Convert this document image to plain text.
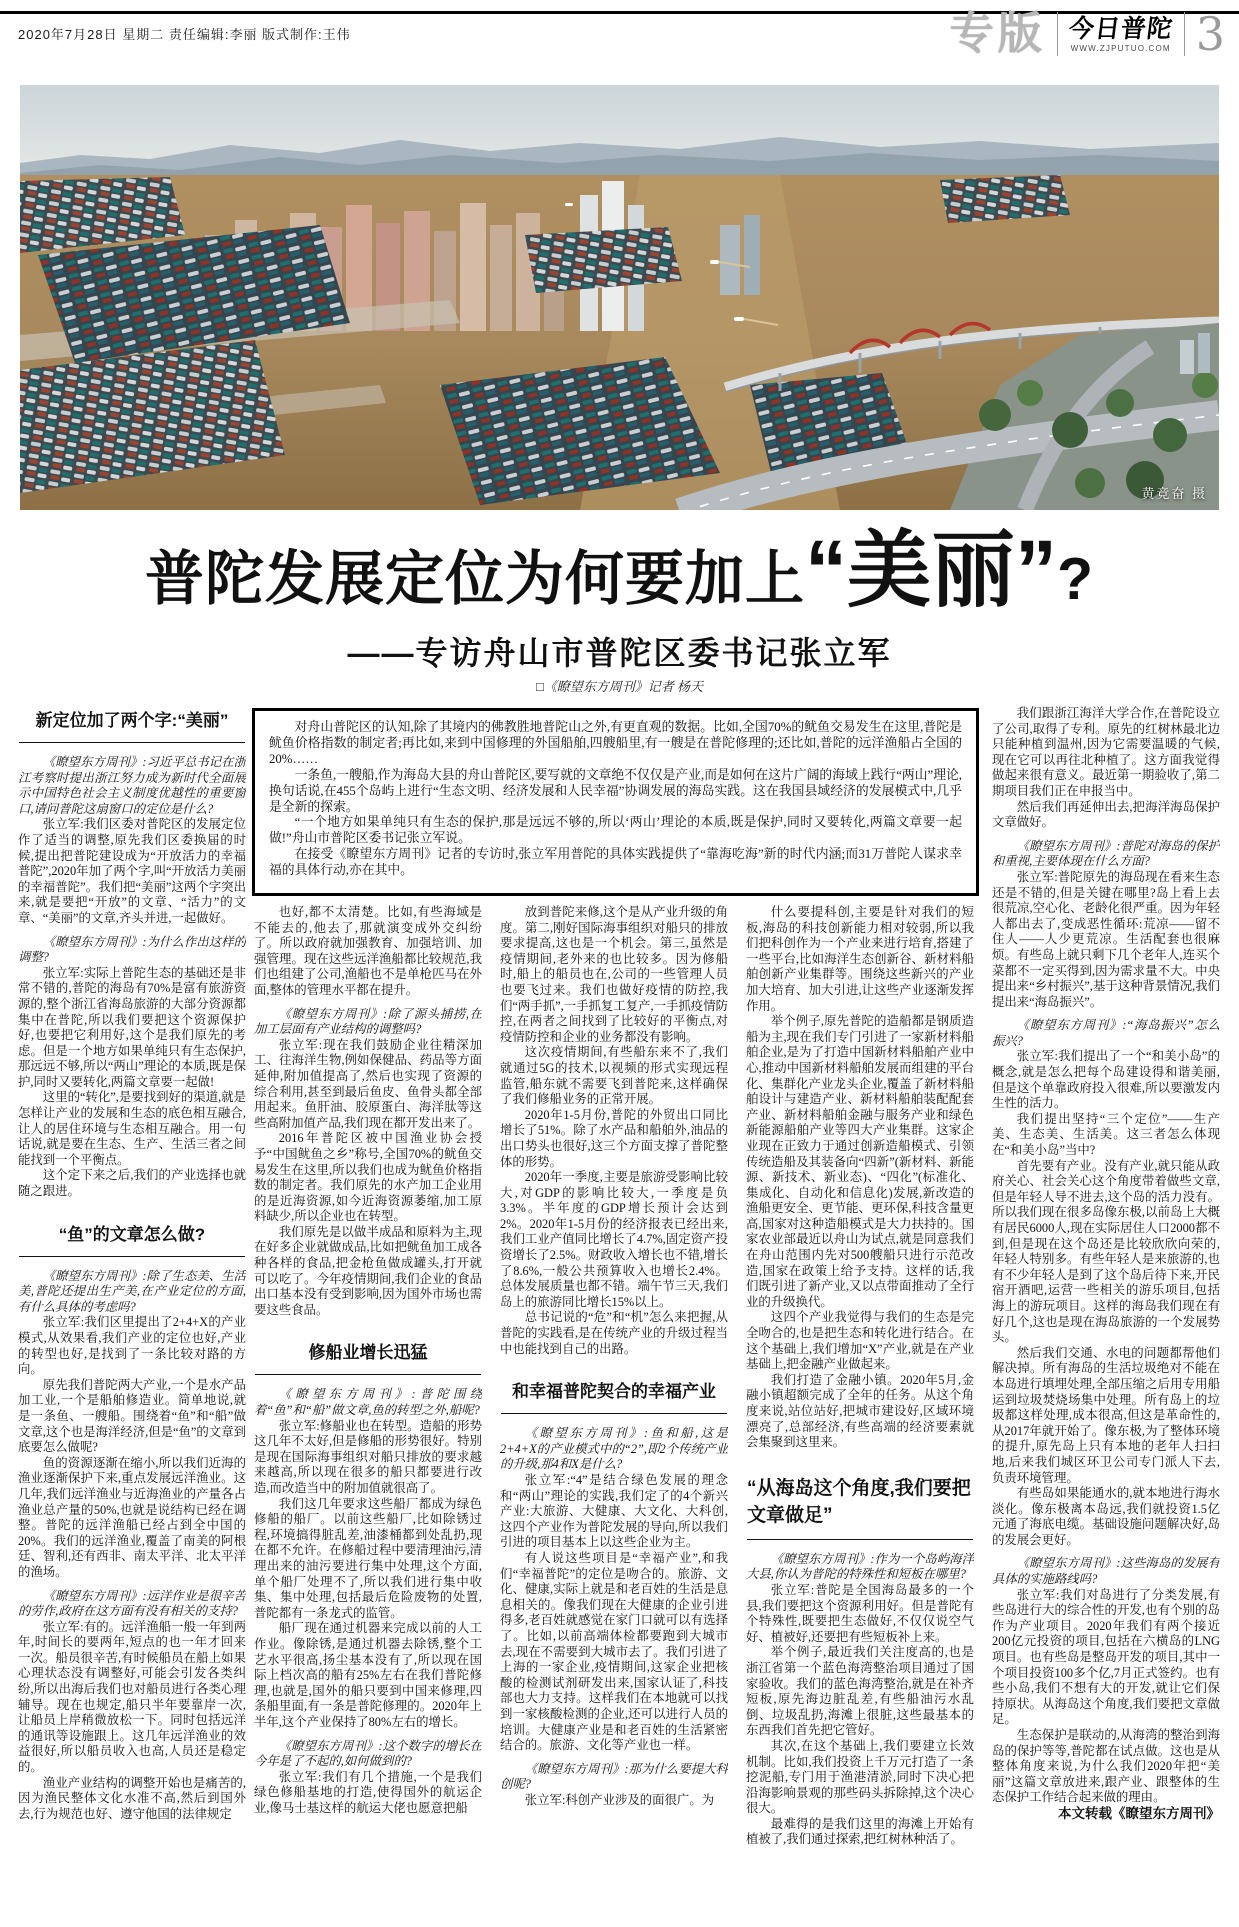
2020年7月28日 星期二 责任编辑:李丽 版式制作:王伟	专版 今日普陀
WWW.ZJPUTUO.COM 3
黄竞奋 摄
普陀发展定位为何要加上“美丽”?
——专访舟山市普陀区委书记张立军
□《瞭望东方周刊》记者 杨天

对舟山普陀区的认知,除了其境内的佛教胜地普陀山之外,有更直观的数据。比如,全国70%的鱿鱼交易发生在这里,普陀是鱿鱼价格指数的制定者;再比如,来到中国修理的外国船舶,四艘船里,有一艘是在普陀修理的;还比如,普陀的远洋渔船占全国的20%……

一条鱼,一艘船,作为海岛大县的舟山普陀区,要写就的文章绝不仅仅是产业,而是如何在这片广阔的海域上践行“两山”理论,换句话说,在455个岛屿上进行“生态文明、经济发展和人民幸福”协调发展的海岛实践。这在我国县域经济的发展模式中,几乎是全新的探索。

“一个地方如果单纯只有生态的保护,那是远远不够的,所以‘两山’理论的本质,既是保护,同时又要转化,两篇文章要一起做!”舟山市普陀区委书记张立军说。

在接受《瞭望东方周刊》记者的专访时,张立军用普陀的具体实践提供了“靠海吃海”新的时代内涵;而31万普陀人谋求幸福的具体行动,亦在其中。

新定位加了两个字:“美丽”

《瞭望东方周刊》:习近平总书记在浙江考察时提出浙江努力成为新时代全面展示中国特色社会主义制度优越性的重要窗口,请问普陀这扇窗口的定位是什么?

张立军:我们区委对普陀区的发展定位作了适当的调整,原先我们区委换届的时候,提出把普陀建设成为“开放活力的幸福普陀”,2020年加了两个字,叫“开放活力美丽的幸福普陀”。我们把“美丽”这两个字突出来,就是要把“开放”的文章、“活力”的文章、“美丽”的文章,齐头并进,一起做好。

《瞭望东方周刊》:为什么作出这样的调整?

张立军:实际上普陀生态的基础还是非常不错的,普陀的海岛有70%是富有旅游资源的,整个浙江省海岛旅游的大部分资源都集中在普陀,所以我们要把这个资源保护好,也要把它利用好,这个是我们原先的考虑。但是一个地方如果单纯只有生态保护,那远远不够,所以“两山”理论的本质,既是保护,同时又要转化,两篇文章要一起做!

这里的“转化”,是要找到好的渠道,就是怎样让产业的发展和生态的底色相互融合,让人的居住环境与生态相互融合。用一句话说,就是要在生态、生产、生活三者之间能找到一个平衡点。

这个定下来之后,我们的产业选择也就随之跟进。

“鱼”的文章怎么做?

《瞭望东方周刊》:除了生态美、生活美,普陀还提出生产美,在产业定位的方面,有什么具体的考虑吗?

张立军:我们区里提出了2+4+X的产业模式,从效果看,我们产业的定位也好,产业的转型也好,是找到了一条比较对路的方向。

原先我们普陀两大产业,一个是水产品加工业,一个是船舶修造业。简单地说,就是一条鱼、一艘船。围绕着“鱼”和“船”做文章,这个也是海洋经济,但是“鱼”的文章到底要怎么做呢?

鱼的资源逐渐在缩小,所以我们近海的渔业逐渐保护下来,重点发展远洋渔业。这几年,我们远洋渔业与近海渔业的产量各占渔业总产量的50%,也就是说结构已经在调整。普陀的远洋渔船已经占到全中国的20%。我们的远洋渔业,覆盖了南美的阿根廷、智利,还有西非、南太平洋、北太平洋的渔场。

《瞭望东方周刊》:远洋作业是很辛苦的劳作,政府在这方面有没有相关的支持?

张立军:有的。远洋渔船一般一年到两年,时间长的要两年,短点的也一年才回来一次。船员很辛苦,有时候船员在船上如果心理状态没有调整好,可能会引发各类纠纷,所以出海后我们也对船员进行各类心理辅导。现在也规定,船只半年要靠岸一次,让船员上岸稍微放松一下。同时包括远洋的通讯等设施跟上。这几年远洋渔业的效益很好,所以船员收入也高,人员还是稳定的。

渔业产业结构的调整开始也是痛苦的,因为渔民整体文化水准不高,然后到国外去,行为规范也好、遵守他国的法律规定

也好,都不太清楚。比如,有些海域是不能去的,他去了,那就演变成外交纠纷了。所以政府就加强教育、加强培训、加强管理。现在这些远洋渔船都比较规范,我们也组建了公司,渔船也不是单枪匹马在外面,整体的管理水平都在提升。

《瞭望东方周刊》:除了源头捕捞,在加工层面有产业结构的调整吗?

张立军:现在我们鼓励企业往精深加工、往海洋生物,例如保健品、药品等方面延伸,附加值提高了,然后也实现了资源的综合利用,甚至到最后鱼皮、鱼骨头都全部用起来。鱼肝油、胶原蛋白、海洋肽等这些高附加值产品,我们现在都开发出来了。

2016年普陀区被中国渔业协会授予“中国鱿鱼之乡”称号,全国70%的鱿鱼交易发生在这里,所以我们也成为鱿鱼价格指数的制定者。我们原先的水产加工企业用的是近海资源,如今近海资源萎缩,加工原料缺少,所以企业也在转型。

我们原先是以做半成品和原料为主,现在好多企业就做成品,比如把鱿鱼加工成各种各样的食品,把金枪鱼做成罐头,打开就可以吃了。今年疫情期间,我们企业的食品出口基本没有受到影响,因为国外市场也需要这些食品。

修船业增长迅猛

《瞭望东方周刊》:普陀围绕着“鱼”和“船”做文章,鱼的转型之外,船呢?

张立军:修船业也在转型。造船的形势这几年不太好,但是修船的形势很好。特别是现在国际海事组织对船只排放的要求越来越高,所以现在很多的船只都要进行改造,而改造当中的附加值就很高了。

我们这几年要求这些船厂都成为绿色修船的船厂。以前这些船厂,比如除锈过程,环境搞得脏乱差,油漆桶都到处乱扔,现在都不允许。在修船过程中要清理油污,清理出来的油污要进行集中处理,这个方面,单个船厂处理不了,所以我们进行集中收集、集中处理,包括最后危险废物的处置,普陀都有一条龙式的监管。

船厂现在通过机器来完成以前的人工作业。像除锈,是通过机器去除锈,整个工艺水平很高,扬尘基本没有了,所以现在国际上档次高的船有25%左右在我们普陀修理,也就是,国外的船只要到中国来修理,四条船里面,有一条是普陀修理的。2020年上半年,这个产业保持了80%左右的增长。

《瞭望东方周刊》:这个数字的增长在今年是了不起的,如何做到的?

张立军:我们有几个措施,一个是我们绿色修船基地的打造,使得国外的航运企业,像马士基这样的航运大佬也愿意把船

放到普陀来修,这个是从产业升级的角度。第二,刚好国际海事组织对船只的排放要求提高,这也是一个机会。第三,虽然是疫情期间,老外来的也比较多。因为修船时,船上的船员也在,公司的一些管理人员也要飞过来。我们也做好疫情的防控,我们“两手抓”,一手抓复工复产,一手抓疫情防控,在两者之间找到了比较好的平衡点,对疫情防控和企业的业务都没有影响。

这次疫情期间,有些船东来不了,我们就通过5G的技术,以视频的形式实现远程监管,船东就不需要飞到普陀来,这样确保了我们修船业务的正常开展。

2020年1-5月份,普陀的外贸出口同比增长了51%。除了水产品和船舶外,油品的出口势头也很好,这三个方面支撑了普陀整体的形势。

2020年一季度,主要是旅游受影响比较大,对GDP的影响比较大,一季度是负3.3%。半年度的GDP增长预计会达到2%。2020年1-5月份的经济报表已经出来,我们工业产值同比增长了4.7%,固定资产投资增长了2.5%。财政收入增长也不错,增长了8.6%,一般公共预算收入也增长2.4%。总体发展质量也都不错。端午节三天,我们岛上的旅游同比增长15%以上。

总书记说的“危”和“机”怎么来把握,从普陀的实践看,是在传统产业的升级过程当中也能找到自己的出路。

和幸福普陀契合的幸福产业

《瞭望东方周刊》:鱼和船,这是2+4+X的产业模式中的“2”,即2个传统产业的升级,那4和X是什么?

张立军:“4”是结合绿色发展的理念和“两山”理论的实践,我们定了的4个新兴产业:大旅游、大健康、大文化、大科创,这四个产业作为普陀发展的导向,所以我们引进的项目基本上以这些企业为主。

有人说这些项目是“幸福产业”,和我们“幸福普陀”的定位是吻合的。旅游、文化、健康,实际上就是和老百姓的生活是息息相关的。像我们现在大健康的企业引进得多,老百姓就感觉在家门口就可以有选择了。比如,以前高端体检都要跑到大城市去,现在不需要到大城市去了。我们引进了上海的一家企业,疫情期间,这家企业把核酸的检测试剂研发出来,国家认证了,科技部也大力支持。这样我们在本地就可以找到一家核酸检测的企业,还可以进行人员的培训。大健康产业是和老百姓的生活紧密结合的。旅游、文化等产业也一样。

《瞭望东方周刊》:那为什么要提大科创呢?

张立军:科创产业涉及的面很广。为

什么要提科创,主要是针对我们的短板,海岛的科技创新能力相对较弱,所以我们把科创作为一个产业来进行培育,搭建了一些平台,比如海洋生态创新谷、新材料船舶创新产业集群等。围绕这些新兴的产业加大培育、加大引进,让这些产业逐渐发挥作用。

举个例子,原先普陀的造船都是钢质造船为主,现在我们专门引进了一家新材料船舶企业,是为了打造中国新材料船舶产业中心,推动中国新材料船舶发展而组建的平台化、集群化产业龙头企业,覆盖了新材料船舶设计与建造产业、新材料船舶装配配套产业、新材料船舶金融与服务产业和绿色新能源船舶产业等四大产业集群。这家企业现在正致力于通过创新造船模式、引领传统造船及其装备向“四新”(新材料、新能源、新技术、新业态)、“四化”(标准化、集成化、自动化和信息化)发展,新改造的渔船更安全、更节能、更环保,科技含量更高,国家对这种造船模式是大力扶持的。国家农业部最近以舟山为试点,就是同意我们在舟山范围内先对500艘船只进行示范改造,国家在政策上给予支持。这样的话,我们既引进了新产业,又以点带面推动了全行业的升级换代。

这四个产业我觉得与我们的生态是完全吻合的,也是把生态和转化进行结合。在这个基础上,我们增加“X”产业,就是在产业基础上,把金融产业做起来。

我们打造了金融小镇。2020年5月,金融小镇超额完成了全年的任务。从这个角度来说,站位站好,把城市建设好,区域环境漂亮了,总部经济,有些高端的经济要素就会集聚到这里来。

“从海岛这个角度,我们要把文章做足”

《瞭望东方周刊》:作为一个岛屿海洋大县,你认为普陀的特殊性和短板在哪里?

张立军:普陀是全国海岛最多的一个县,我们要把这个资源利用好。但是普陀有个特殊性,既要把生态做好,不仅仅说空气好、植被好,还要把有些短板补上来。

举个例子,最近我们关注度高的,也是浙江省第一个蓝色海湾整治项目通过了国家验收。我们的蓝色海湾整治,就是在补齐短板,原先海边脏乱差,有些船油污水乱倒、垃圾乱扔,海滩上很脏,这些最基本的东西我们首先把它管好。

其次,在这个基础上,我们要建立长效机制。比如,我们投资上千万元打造了一条挖泥船,专门用于渔港清淤,同时下决心把沿海影响景观的那些码头拆除掉,这个决心很大。

最难得的是我们这里的海滩上开始有植被了,我们通过探索,把红树林种活了。

我们跟浙江海洋大学合作,在普陀设立了公司,取得了专利。原先的红树林最北边只能种植到温州,因为它需要温暖的气候,现在它可以再往北种植了。这方面我觉得做起来很有意义。最近第一期验收了,第二期项目我们正在申报当中。

然后我们再延伸出去,把海洋海岛保护文章做好。

《瞭望东方周刊》:普陀对海岛的保护和重视,主要体现在什么方面?

张立军:普陀原先的海岛现在看来生态还是不错的,但是关键在哪里?岛上看上去很荒凉,空心化、老龄化很严重。因为年轻人都出去了,变成恶性循环:荒凉——留不住人——人少更荒凉。生活配套也很麻烦。有些岛上就只剩下几个老年人,连买个菜都不一定买得到,因为需求量不大。中央提出来“乡村振兴”,基于这种背景情况,我们提出来“海岛振兴”。

《瞭望东方周刊》:“海岛振兴”怎么振兴?

张立军:我们提出了一个“和美小岛”的概念,就是怎么把每个岛建设得和谐美丽,但是这个单靠政府投入很难,所以要激发内生性的活力。

我们提出坚持“三个定位”——生产美、生态美、生活美。这三者怎么体现在“和美小岛”当中?

首先要有产业。没有产业,就只能从政府关心、社会关心这个角度带着做些文章,但是年轻人导不进去,这个岛的活力没有。所以我们现在很多岛像东极,以前岛上大概有居民6000人,现在实际居住人口2000都不到,但是现在这个岛还是比较欣欣向荣的,年轻人特别多。有些年轻人是来旅游的,也有不少年轻人是到了这个岛后待下来,开民宿开酒吧,运营一些相关的游乐项目,包括海上的游玩项目。这样的海岛我们现在有好几个,这也是现在海岛旅游的一个发展势头。

然后我们交通、水电的问题都帮他们解决掉。所有海岛的生活垃圾绝对不能在本岛进行填埋处理,全部压缩之后用专用船运到垃圾焚烧场集中处理。所有岛上的垃圾都这样处理,成本很高,但这是革命性的,从2017年就开始了。像东极,为了整体环境的提升,原先岛上只有本地的老年人扫扫地,后来我们城区环卫公司专门派人下去,负责环境管理。

有些岛如果能通水的,就本地进行海水淡化。像东极离本岛远,我们就投资1.5亿元通了海底电缆。基础设施问题解决好,岛的发展会更好。

《瞭望东方周刊》:这些海岛的发展有具体的实施路线吗?

张立军:我们对岛进行了分类发展,有些岛进行大的综合性的开发,也有个别的岛作为产业项目。2020年我们有两个接近200亿元投资的项目,包括在六横岛的LNG项目。也有些岛是整岛开发的项目,其中一个项目投资100多个亿,7月正式签约。也有些小岛,我们不想有大的开发,就让它们保持原状。从海岛这个角度,我们要把文章做足。

生态保护是联动的,从海湾的整治到海岛的保护等等,普陀都在试点做。这也是从整体角度来说,为什么我们2020年把“美丽”这篇文章放进来,跟产业、跟整体的生态保护工作结合起来做的理由。

本文转载《瞭望东方周刊》
